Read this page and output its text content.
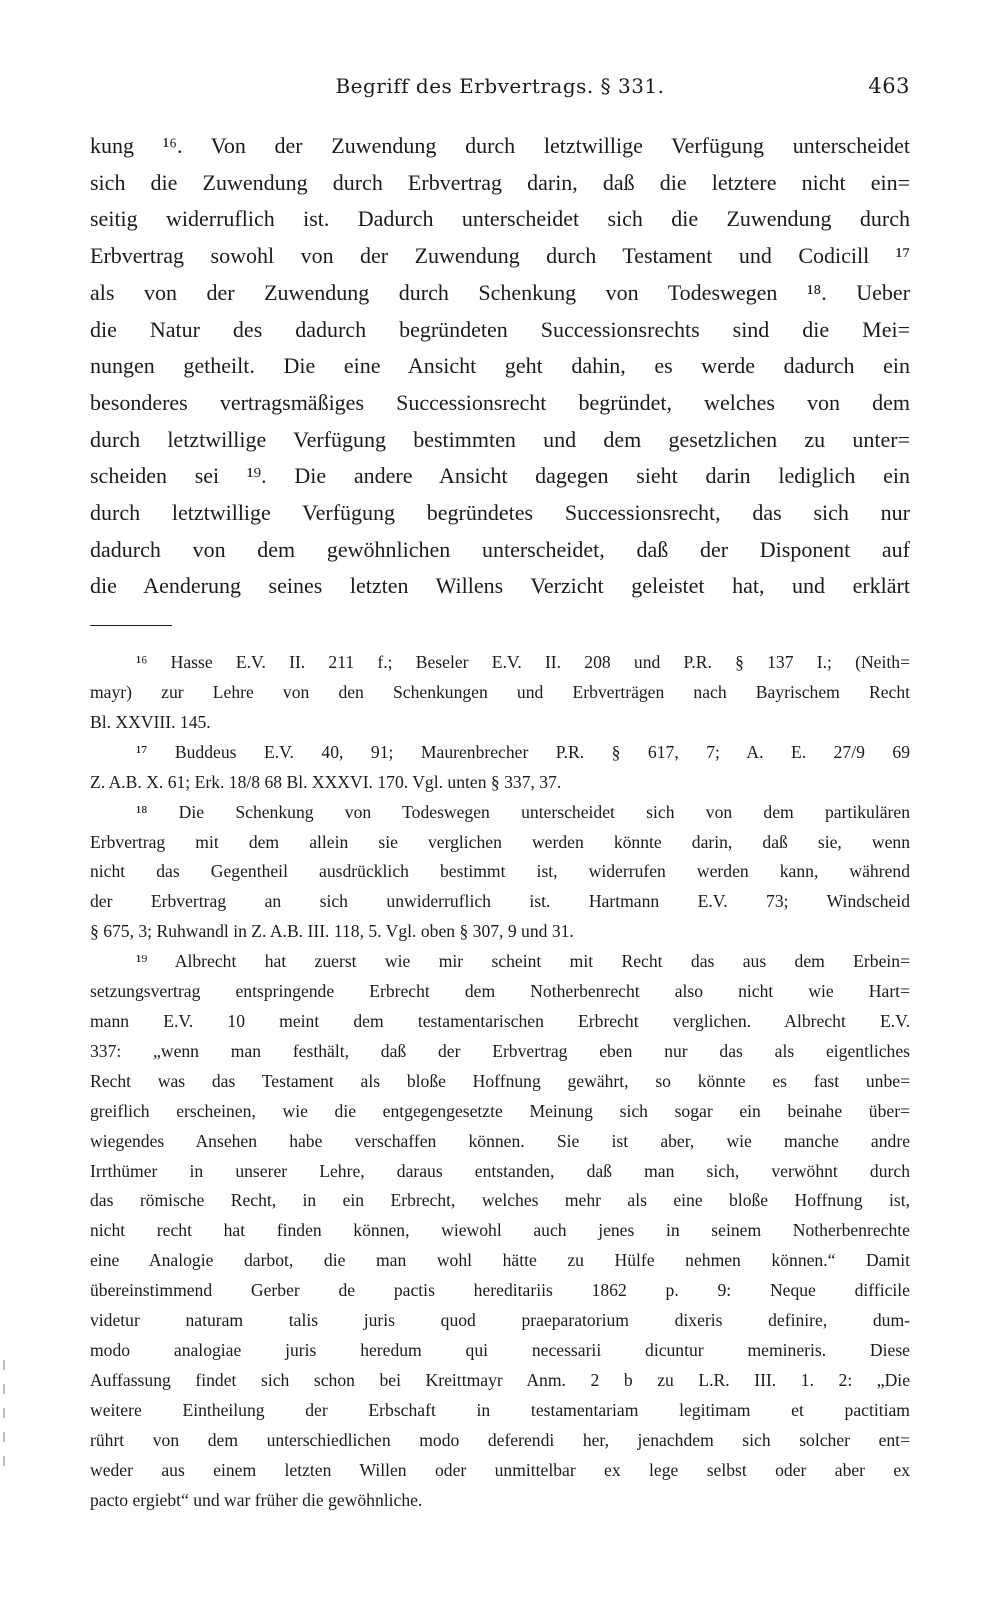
Begriff des Erbvertrags. § 331.	463
kung ¹⁶. Von der Zuwendung durch letztwillige Verfügung unterscheidet
sich die Zuwendung durch Erbvertrag darin, daß die letztere nicht ein=
seitig widerruflich ist. Dadurch unterscheidet sich die Zuwendung durch
Erbvertrag sowohl von der Zuwendung durch Testament und Codicill ¹⁷
als von der Zuwendung durch Schenkung von Todeswegen ¹⁸. Ueber
die Natur des dadurch begründeten Successionsrechts sind die Mei=
nungen getheilt. Die eine Ansicht geht dahin, es werde dadurch ein
besonderes vertragsmäßiges Successionsrecht begründet, welches von dem
durch letztwillige Verfügung bestimmten und dem gesetzlichen zu unter=
scheiden sei ¹⁹. Die andere Ansicht dagegen sieht darin lediglich ein
durch letztwillige Verfügung begründetes Successionsrecht, das sich nur
dadurch von dem gewöhnlichen unterscheidet, daß der Disponent auf
die Aenderung seines letzten Willens Verzicht geleistet hat, und erklärt
¹⁶ Hasse E.V. II. 211 f.; Beseler E.V. II. 208 und P.R. § 137 I.; (Neith=
mayr) zur Lehre von den Schenkungen und Erbverträgen nach Bayrischem Recht
Bl. XXVIII. 145.
¹⁷ Buddeus E.V. 40, 91; Maurenbrecher P.R. § 617, 7; A. E. 27/9 69
Z. A.B. X. 61; Erk. 18/8 68 Bl. XXXVI. 170. Vgl. unten § 337, 37.
¹⁸ Die Schenkung von Todeswegen unterscheidet sich von dem partikulären
Erbvertrag mit dem allein sie verglichen werden könnte darin, daß sie, wenn
nicht das Gegentheil ausdrücklich bestimmt ist, widerrufen werden kann, während
der Erbvertrag an sich unwiderruflich ist. Hartmann E.V. 73; Windscheid
§ 675, 3; Ruhwandl in Z. A.B. III. 118, 5. Vgl. oben § 307, 9 und 31.
¹⁹ Albrecht hat zuerst wie mir scheint mit Recht das aus dem Erbein=
setzungsvertrag entspringende Erbrecht dem Notherbenrecht also nicht wie Hart=
mann E.V. 10 meint dem testamentarischen Erbrecht verglichen. Albrecht E.V.
337: „wenn man festhält, daß der Erbvertrag eben nur das als eigentliches
Recht was das Testament als bloße Hoffnung gewährt, so könnte es fast unbe=
greiflich erscheinen, wie die entgegengesetzte Meinung sich sogar ein beinahe über=
wiegendes Ansehen habe verschaffen können. Sie ist aber, wie manche andre
Irrthümer in unserer Lehre, daraus entstanden, daß man sich, verwöhnt durch
das römische Recht, in ein Erbrecht, welches mehr als eine bloße Hoffnung ist,
nicht recht hat finden können, wiewohl auch jenes in seinem Notherbenrechte
eine Analogie darbot, die man wohl hätte zu Hülfe nehmen können.“ Damit
übereinstimmend Gerber de pactis hereditariis 1862 p. 9: Neque difficile
videtur naturam talis juris quod praeparatorium dixeris definire, dum-
modo analogiae juris heredum qui necessarii dicuntur memineris. Diese
Auffassung findet sich schon bei Kreittmayr Anm. 2 b zu L.R. III. 1. 2: „Die
weitere Eintheilung der Erbschaft in testamentariam legitimam et pactitiam
rührt von dem unterschiedlichen modo deferendi her, jenachdem sich solcher ent=
weder aus einem letzten Willen oder unmittelbar ex lege selbst oder aber ex
pacto ergiebt“ und war früher die gewöhnliche.
